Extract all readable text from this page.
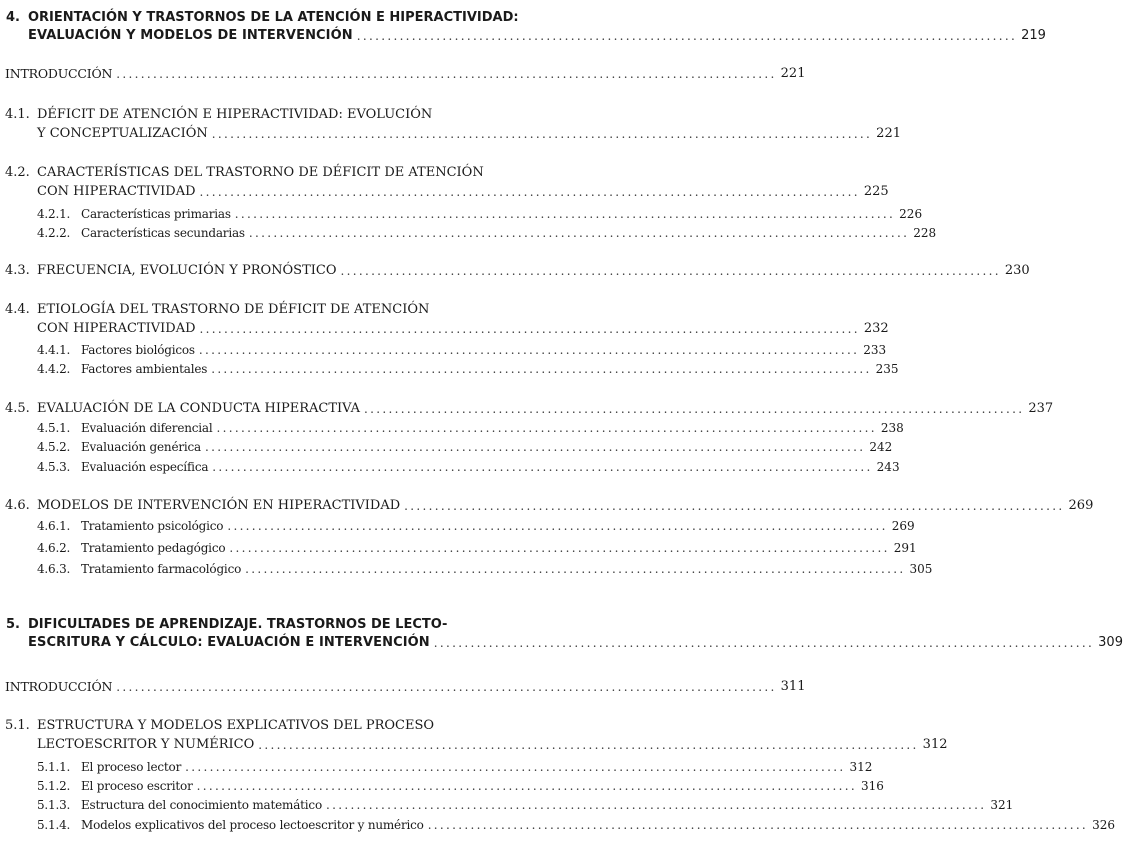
4. ORIENTACIÓN Y TRASTORNOS DE LA ATENCIÓN E HIPERACTIVIDAD:
EVALUACIÓN Y MODELOS DE INTERVENCIÓN ............................................................................................................ 219
INTRODUCCIÓN ............................................................................................................ 221
4.1. DÉFICIT DE ATENCIÓN E HIPERACTIVIDAD: EVOLUCIÓN
Y CONCEPTUALIZACIÓN ............................................................................................................ 221
4.2. CARACTERÍSTICAS DEL TRASTORNO DE DÉFICIT DE ATENCIÓN
CON HIPERACTIVIDAD ............................................................................................................ 225
4.2.1. Características primarias ............................................................................................................ 226
4.2.2. Características secundarias ............................................................................................................ 228
4.3. FRECUENCIA, EVOLUCIÓN Y PRONÓSTICO ............................................................................................................ 230
4.4. ETIOLOGÍA DEL TRASTORNO DE DÉFICIT DE ATENCIÓN
CON HIPERACTIVIDAD ............................................................................................................ 232
4.4.1. Factores biológicos ............................................................................................................ 233
4.4.2. Factores ambientales ............................................................................................................ 235
4.5. EVALUACIÓN DE LA CONDUCTA HIPERACTIVA ............................................................................................................ 237
4.5.1. Evaluación diferencial ............................................................................................................ 238
4.5.2. Evaluación genérica ............................................................................................................ 242
4.5.3. Evaluación específica ............................................................................................................ 243
4.6. MODELOS DE INTERVENCIÓN EN HIPERACTIVIDAD ............................................................................................................ 269
4.6.1. Tratamiento psicológico ............................................................................................................ 269
4.6.2. Tratamiento pedagógico ............................................................................................................ 291
4.6.3. Tratamiento farmacológico ............................................................................................................ 305
5. DIFICULTADES DE APRENDIZAJE. TRASTORNOS DE LECTO-
ESCRITURA Y CÁLCULO: EVALUACIÓN E INTERVENCIÓN ............................................................................................................ 309
INTRODUCCIÓN ............................................................................................................ 311
5.1. ESTRUCTURA Y MODELOS EXPLICATIVOS DEL PROCESO
LECTOESCRITOR Y NUMÉRICO ............................................................................................................ 312
5.1.1. El proceso lector ............................................................................................................ 312
5.1.2. El proceso escritor ............................................................................................................ 316
5.1.3. Estructura del conocimiento matemático ............................................................................................................ 321
5.1.4. Modelos explicativos del proceso lectoescritor y numérico ............................................................................................................ 326
